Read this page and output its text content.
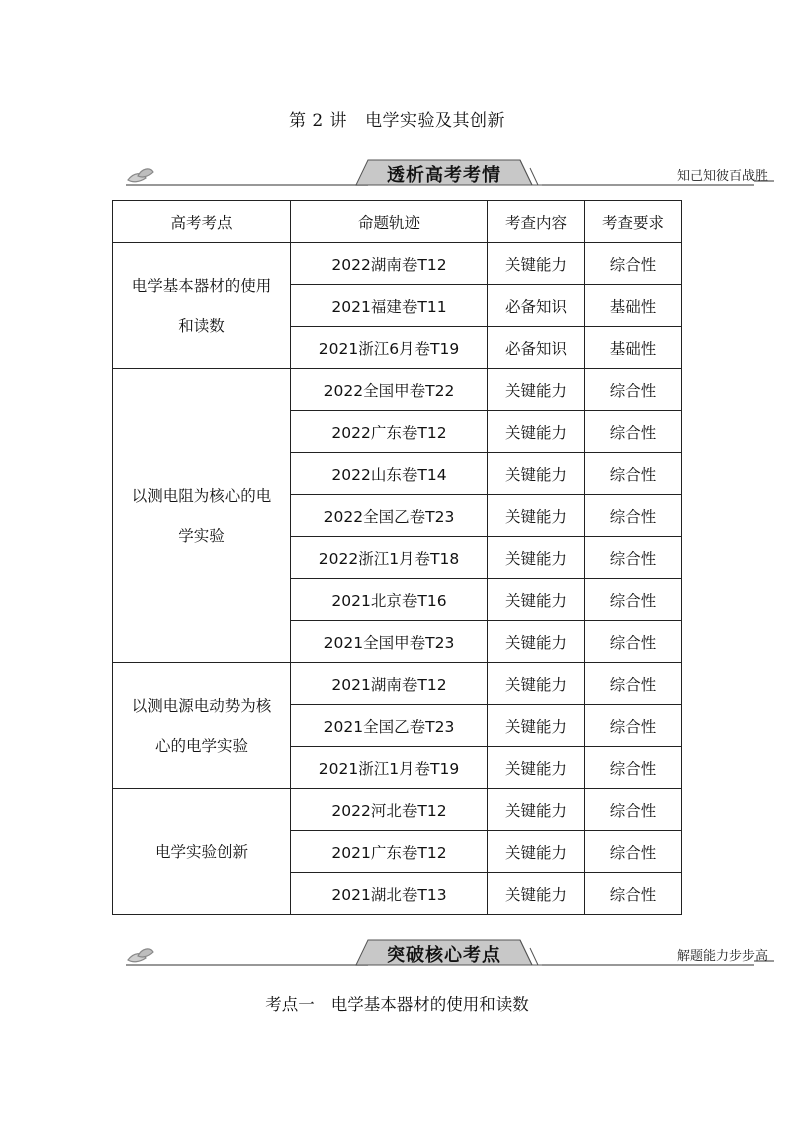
第 2 讲 电学实验及其创新
透析高考考情	知己知彼百战胜
高考考点	命题轨迹	考查内容	考查要求
电学基本器材的使用和读数	2022湖南卷T12	关键能力	综合性
	2021福建卷T11	必备知识	基础性
	2021浙江6月卷T19	必备知识	基础性
以测电阻为核心的电学实验	2022全国甲卷T22	关键能力	综合性
	2022广东卷T12	关键能力	综合性
	2022山东卷T14	关键能力	综合性
	2022全国乙卷T23	关键能力	综合性
	2022浙江1月卷T18	关键能力	综合性
	2021北京卷T16	关键能力	综合性
	2021全国甲卷T23	关键能力	综合性
以测电源电动势为核心的电学实验	2021湖南卷T12	关键能力	综合性
	2021全国乙卷T23	关键能力	综合性
	2021浙江1月卷T19	关键能力	综合性
电学实验创新	2022河北卷T12	关键能力	综合性
	2021广东卷T12	关键能力	综合性
	2021湖北卷T13	关键能力	综合性
突破核心考点	解题能力步步高
考点一 电学基本器材的使用和读数
